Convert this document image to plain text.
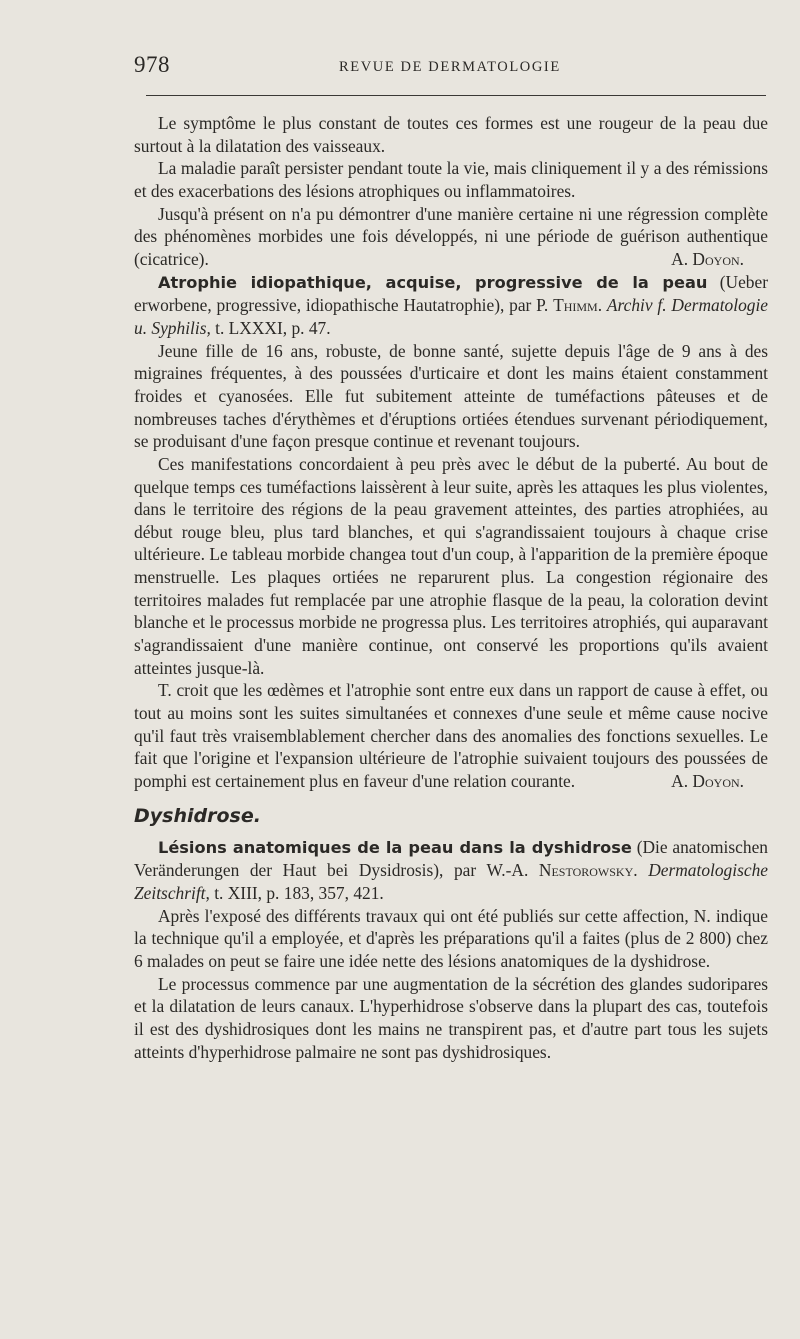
978	REVUE DE DERMATOLOGIE

Le symptôme le plus constant de toutes ces formes est une rougeur de la peau due surtout à la dilatation des vaisseaux.

La maladie paraît persister pendant toute la vie, mais cliniquement il y a des rémissions et des exacerbations des lésions atrophiques ou inflammatoires.

Jusqu'à présent on n'a pu démontrer d'une manière certaine ni une régression complète des phénomènes morbides une fois développés, ni une période de guérison authentique (cicatrice).	A. Doyon.

Atrophie idiopathique, acquise, progressive de la peau (Ueber erworbene, progressive, idiopathische Hautatrophie), par P. Thimm. Archiv f. Dermatologie u. Syphilis, t. LXXXI, p. 47.

Jeune fille de 16 ans, robuste, de bonne santé, sujette depuis l'âge de 9 ans à des migraines fréquentes, à des poussées d'urticaire et dont les mains étaient constamment froides et cyanosées. Elle fut subitement atteinte de tuméfactions pâteuses et de nombreuses taches d'érythèmes et d'éruptions ortiées étendues survenant périodiquement, se produisant d'une façon presque continue et revenant toujours.

Ces manifestations concordaient à peu près avec le début de la puberté. Au bout de quelque temps ces tuméfactions laissèrent à leur suite, après les attaques les plus violentes, dans le territoire des régions de la peau gravement atteintes, des parties atrophiées, au début rouge bleu, plus tard blanches, et qui s'agrandissaient toujours à chaque crise ultérieure. Le tableau morbide changea tout d'un coup, à l'apparition de la première époque menstruelle. Les plaques ortiées ne reparurent plus. La congestion régionaire des territoires malades fut remplacée par une atrophie flasque de la peau, la coloration devint blanche et le processus morbide ne progressa plus. Les territoires atrophiés, qui auparavant s'agrandissaient d'une manière continue, ont conservé les proportions qu'ils avaient atteintes jusque-là.

T. croit que les œdèmes et l'atrophie sont entre eux dans un rapport de cause à effet, ou tout au moins sont les suites simultanées et connexes d'une seule et même cause nocive qu'il faut très vraisemblablement chercher dans des anomalies des fonctions sexuelles. Le fait que l'origine et l'expansion ultérieure de l'atrophie suivaient toujours des poussées de pomphi est certainement plus en faveur d'une relation courante.	A. Doyon.

Dyshidrose.

Lésions anatomiques de la peau dans la dyshidrose (Die anatomischen Veränderungen der Haut bei Dysidrosis), par W.-A. Nestorowsky. Dermatologische Zeitschrift, t. XIII, p. 183, 357, 421.

Après l'exposé des différents travaux qui ont été publiés sur cette affection, N. indique la technique qu'il a employée, et d'après les préparations qu'il a faites (plus de 2 800) chez 6 malades on peut se faire une idée nette des lésions anatomiques de la dyshidrose.

Le processus commence par une augmentation de la sécrétion des glandes sudoripares et la dilatation de leurs canaux. L'hyperhidrose s'observe dans la plupart des cas, toutefois il est des dyshidrosiques dont les mains ne transpirent pas, et d'autre part tous les sujets atteints d'hyperhidrose palmaire ne sont pas dyshidrosiques.
